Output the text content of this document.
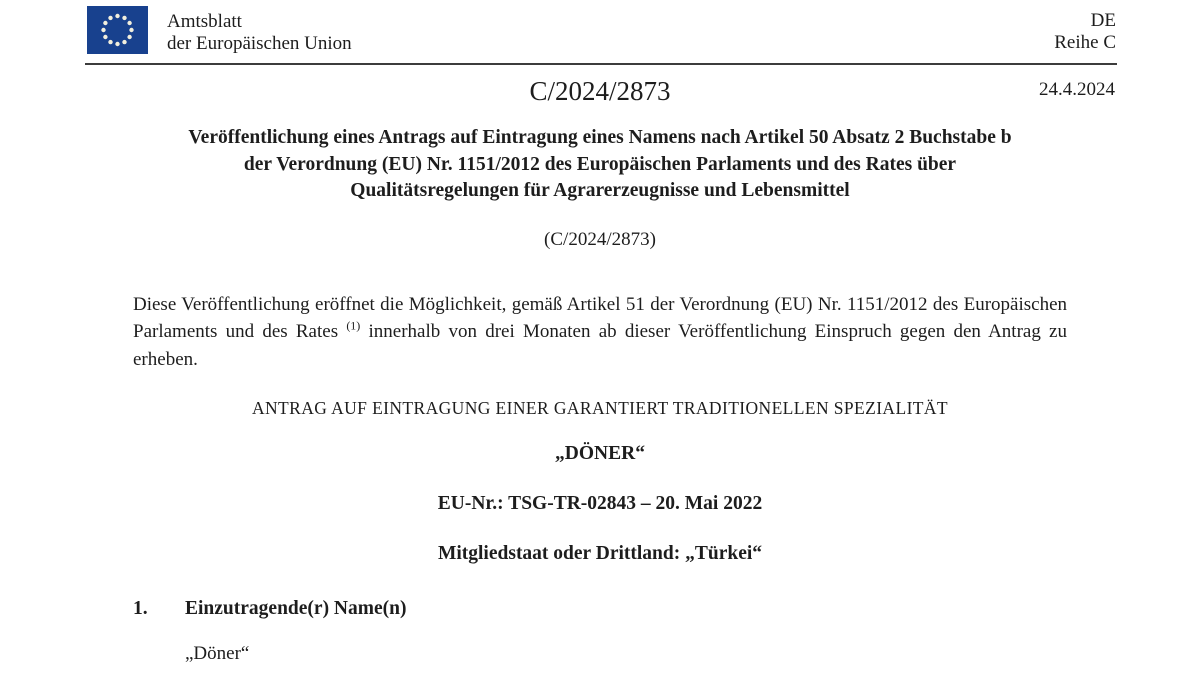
Amtsblatt
der Europäischen Union
DE
Reihe C
C/2024/2873	24.4.2024
Veröffentlichung eines Antrags auf Eintragung eines Namens nach Artikel 50 Absatz 2 Buchstabe b
der Verordnung (EU) Nr. 1151/2012 des Europäischen Parlaments und des Rates über
Qualitätsregelungen für Agrarerzeugnisse und Lebensmittel

(C/2024/2873)

Diese Veröffentlichung eröffnet die Möglichkeit, gemäß Artikel 51 der Verordnung (EU) Nr. 1151/2012 des Europäischen Parlaments und des Rates $^{(1)}$ innerhalb von drei Monaten ab dieser Veröffentlichung Einspruch gegen den Antrag zu erheben.

ANTRAG AUF EINTRAGUNG EINER GARANTIERT TRADITIONELLEN SPEZIALITÄT

„DÖNER“

EU-Nr.: TSG-TR-02843 – 20. Mai 2022

Mitgliedstaat oder Drittland: „Türkei“

1.	Einzutragende(r) Name(n)

„Döner“
